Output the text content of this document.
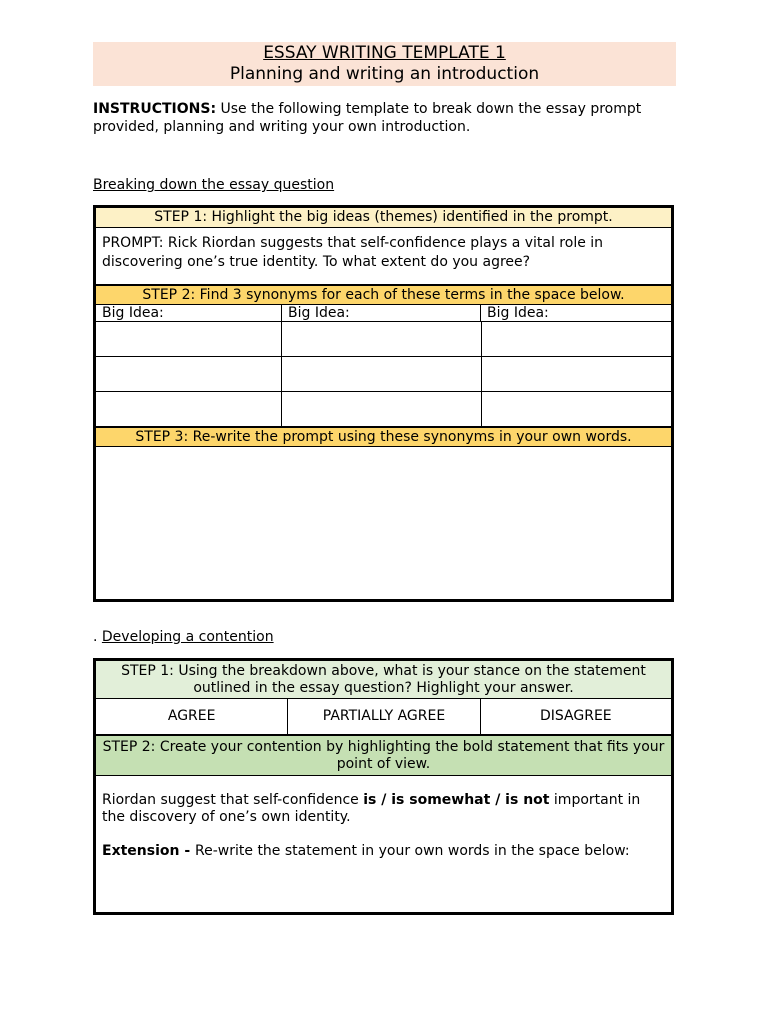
ESSAY WRITING TEMPLATE 1
Planning and writing an introduction
INSTRUCTIONS: Use the following template to break down the essay prompt provided, planning and writing your own introduction.
Breaking down the essay question
STEP 1: Highlight the big ideas (themes) identified in the prompt.
PROMPT: Rick Riordan suggests that self-confidence plays a vital role in discovering one’s true identity. To what extent do you agree?
STEP 2: Find 3 synonyms for each of these terms in the space below.
Big Idea:	Big Idea:	Big Idea:
STEP 3: Re-write the prompt using these synonyms in your own words.
. Developing a contention
STEP 1: Using the breakdown above, what is your stance on the statement outlined in the essay question? Highlight your answer.
AGREE	PARTIALLY AGREE	DISAGREE
STEP 2: Create your contention by highlighting the bold statement that fits your point of view.
Riordan suggest that self-confidence is / is somewhat / is not important in the discovery of one’s own identity.
Extension - Re-write the statement in your own words in the space below:
